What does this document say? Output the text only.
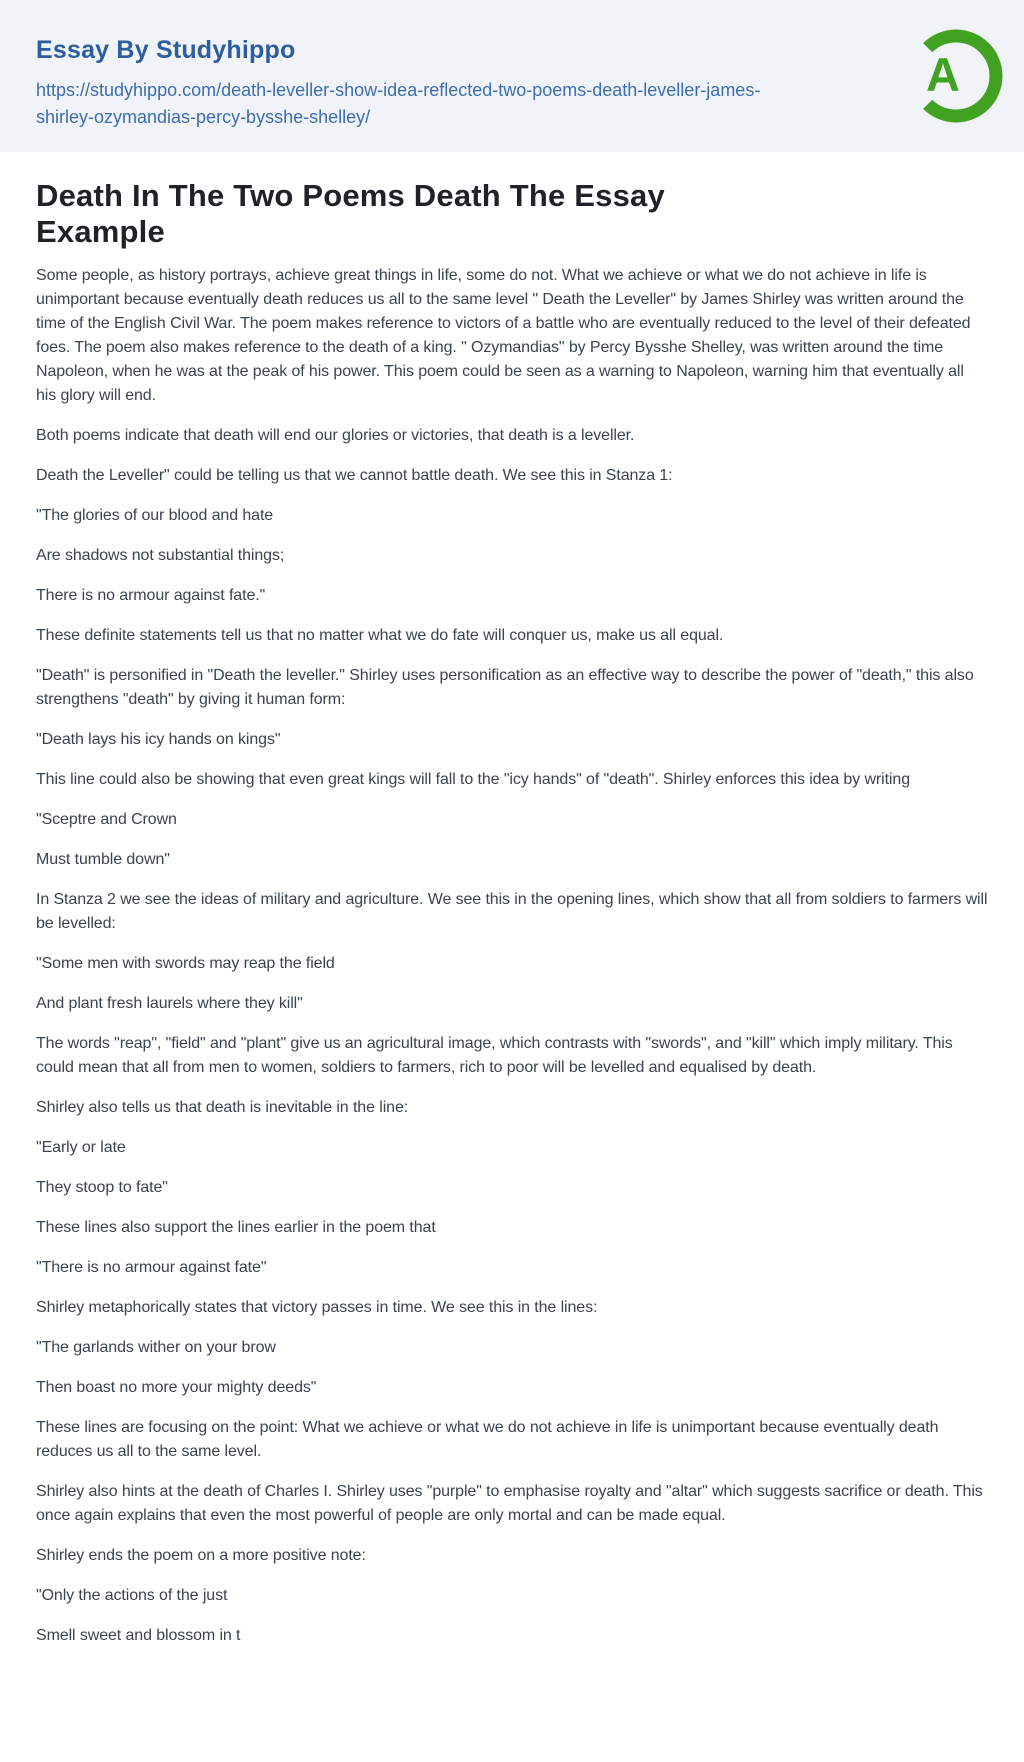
Essay By Studyhippo
https://studyhippo.com/death-leveller-show-idea-reflected-two-poems-death-leveller-james-shirley-ozymandias-percy-bysshe-shelley/
A
Death In The Two Poems Death The Essay Example

Some people, as history portrays, achieve great things in life, some do not. What we achieve or what we do not achieve in life is unimportant because eventually death reduces us all to the same level " Death the Leveller" by James Shirley was written around the time of the English Civil War. The poem makes reference to victors of a battle who are eventually reduced to the level of their defeated foes. The poem also makes reference to the death of a king. " Ozymandias" by Percy Bysshe Shelley, was written around the time Napoleon, when he was at the peak of his power. This poem could be seen as a warning to Napoleon, warning him that eventually all his glory will end.

Both poems indicate that death will end our glories or victories, that death is a leveller.

Death the Leveller" could be telling us that we cannot battle death. We see this in Stanza 1:

"The glories of our blood and hate

Are shadows not substantial things;

There is no armour against fate."

These definite statements tell us that no matter what we do fate will conquer us, make us all equal.

"Death" is personified in "Death the leveller." Shirley uses personification as an effective way to describe the power of "death," this also strengthens "death" by giving it human form:

"Death lays his icy hands on kings"

This line could also be showing that even great kings will fall to the "icy hands" of "death". Shirley enforces this idea by writing

"Sceptre and Crown

Must tumble down"

In Stanza 2 we see the ideas of military and agriculture. We see this in the opening lines, which show that all from soldiers to farmers will be levelled:

"Some men with swords may reap the field

And plant fresh laurels where they kill"

The words "reap", "field" and "plant" give us an agricultural image, which contrasts with "swords", and "kill" which imply military. This could mean that all from men to women, soldiers to farmers, rich to poor will be levelled and equalised by death.

Shirley also tells us that death is inevitable in the line:

"Early or late

They stoop to fate"

These lines also support the lines earlier in the poem that

"There is no armour against fate"

Shirley metaphorically states that victory passes in time. We see this in the lines:

"The garlands wither on your brow

Then boast no more your mighty deeds"

These lines are focusing on the point: What we achieve or what we do not achieve in life is unimportant because eventually death reduces us all to the same level.

Shirley also hints at the death of Charles I. Shirley uses "purple" to emphasise royalty and "altar" which suggests sacrifice or death. This once again explains that even the most powerful of people are only mortal and can be made equal.

Shirley ends the poem on a more positive note:

"Only the actions of the just

Smell sweet and blossom in t
